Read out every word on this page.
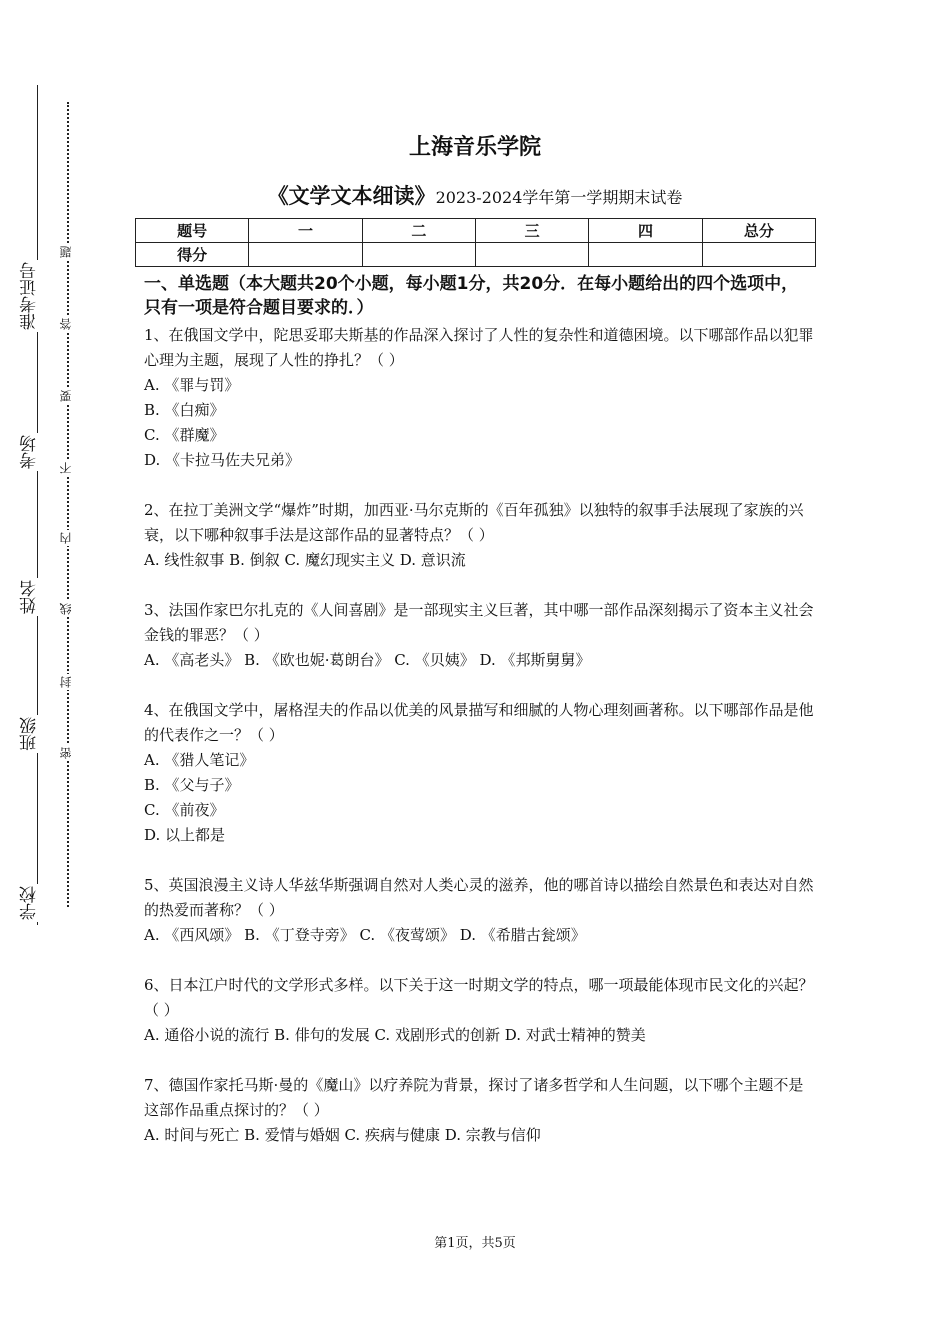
准考证号
考场
姓名
班级
学校
题
答
要
不
内
线
封
密
上海音乐学院
《文学文本细读》2023-2024学年第一学期期末试卷
题号	一	二	三	四	总分
得分					
一、单选题（本大题共20个小题，每小题1分，共20分．在每小题给出的四个选项中，只有一项是符合题目要求的．）
1、在俄国文学中，陀思妥耶夫斯基的作品深入探讨了人性的复杂性和道德困境。以下哪部作品以犯罪心理为主题，展现了人性的挣扎？（ ）
A. 《罪与罚》
B. 《白痴》
C. 《群魔》
D. 《卡拉马佐夫兄弟》
2、在拉丁美洲文学“爆炸”时期，加西亚·马尔克斯的《百年孤独》以独特的叙事手法展现了家族的兴衰，以下哪种叙事手法是这部作品的显著特点？（ ）
A. 线性叙事 B. 倒叙 C. 魔幻现实主义 D. 意识流
3、法国作家巴尔扎克的《人间喜剧》是一部现实主义巨著，其中哪一部作品深刻揭示了资本主义社会金钱的罪恶？（ ）
A. 《高老头》 B. 《欧也妮·葛朗台》 C. 《贝姨》 D. 《邦斯舅舅》
4、在俄国文学中，屠格涅夫的作品以优美的风景描写和细腻的人物心理刻画著称。以下哪部作品是他的代表作之一？（ ）
A. 《猎人笔记》
B. 《父与子》
C. 《前夜》
D. 以上都是
5、英国浪漫主义诗人华兹华斯强调自然对人类心灵的滋养，他的哪首诗以描绘自然景色和表达对自然的热爱而著称？（ ）
A. 《西风颂》 B. 《丁登寺旁》 C. 《夜莺颂》 D. 《希腊古瓮颂》
6、日本江户时代的文学形式多样。以下关于这一时期文学的特点，哪一项最能体现市民文化的兴起？（ ）
A. 通俗小说的流行 B. 俳句的发展 C. 戏剧形式的创新 D. 对武士精神的赞美
7、德国作家托马斯·曼的《魔山》以疗养院为背景，探讨了诸多哲学和人生问题，以下哪个主题不是这部作品重点探讨的？（ ）
A. 时间与死亡 B. 爱情与婚姻 C. 疾病与健康 D. 宗教与信仰
第1页，共5页
